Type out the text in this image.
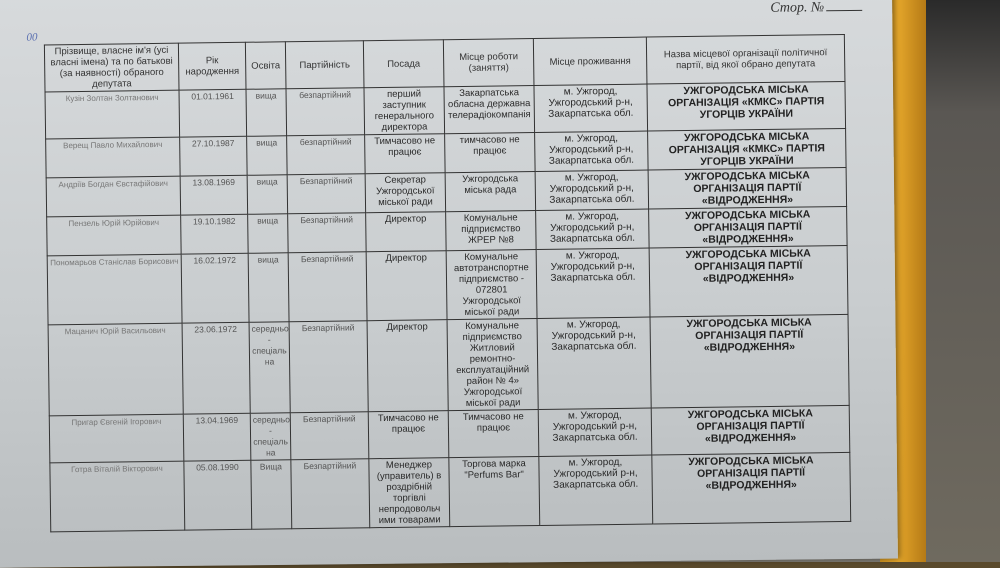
Стор. №
00
Прізвище, власне ім'я (усі власні імена) та по батькові (за наявності) обраного депутата	Рік народження	Освіта	Партійність	Посада	Місце роботи (заняття)	Місце проживання	Назва місцевої організації політичної партії, від якої обрано депутата
Кузін Золтан Золтанович	01.01.1961	вища	безпартійний	перший заступник генерального директора	Закарпатська обласна державна телерадіокомпанія	м. Ужгород, Ужгородський р-н, Закарпатська обл.	УЖГОРОДСЬКА МІСЬКА ОРГАНІЗАЦІЯ «КМКС» ПАРТІЯ УГОРЦІВ УКРАЇНИ
Верещ Павло Михайлович	27.10.1987	вища	безпартійний	Тимчасово не працює	тимчасово не працює	м. Ужгород, Ужгородський р-н, Закарпатська обл.	УЖГОРОДСЬКА МІСЬКА ОРГАНІЗАЦІЯ «КМКС» ПАРТІЯ УГОРЦІВ УКРАЇНИ
Андріїв Богдан Євстафійович	13.08.1969	вища	Безпартійний	Секретар Ужгородської міської ради	Ужгородська міська рада	м. Ужгород, Ужгородський р-н, Закарпатська обл.	УЖГОРОДСЬКА МІСЬКА ОРГАНІЗАЦІЯ ПАРТІЇ «ВІДРОДЖЕННЯ»
Пензель Юрій Юрійович	19.10.1982	вища	Безпартійний	Директор	Комунальне підприємство ЖРЕР №8	м. Ужгород, Ужгородський р-н, Закарпатська обл.	УЖГОРОДСЬКА МІСЬКА ОРГАНІЗАЦІЯ ПАРТІЇ «ВІДРОДЖЕННЯ»
Пономарьов Станіслав Борисович	16.02.1972	вища	Безпартійний	Директор	Комунальне автотранспортне підприємство - 072801 Ужгородської міської ради	м. Ужгород, Ужгородський р-н, Закарпатська обл.	УЖГОРОДСЬКА МІСЬКА ОРГАНІЗАЦІЯ ПАРТІЇ «ВІДРОДЖЕННЯ»
Мацанич Юрій Васильович	23.06.1972	середньо - спеціаль на	Безпартійний	Директор	Комунальне підприємство Житловий ремонтно-експлуатаційний район № 4» Ужгородської міської ради	м. Ужгород, Ужгородський р-н, Закарпатська обл.	УЖГОРОДСЬКА МІСЬКА ОРГАНІЗАЦІЯ ПАРТІЇ «ВІДРОДЖЕННЯ»
Пригар Євгеній Ігорович	13.04.1969	середньо - спеціаль на	Безпартійний	Тимчасово не працює	Тимчасово не працює	м. Ужгород, Ужгородський р-н, Закарпатська обл.	УЖГОРОДСЬКА МІСЬКА ОРГАНІЗАЦІЯ ПАРТІЇ «ВІДРОДЖЕННЯ»
Готра Віталій Вікторович	05.08.1990	Вища	Безпартійний	Менеджер (управитель) в роздрібній торгівлі непродовольч ими товарами	Торгова марка "Perfums Bar"	м. Ужгород, Ужгородський р-н, Закарпатська обл.	УЖГОРОДСЬКА МІСЬКА ОРГАНІЗАЦІЯ ПАРТІЇ «ВІДРОДЖЕННЯ»
